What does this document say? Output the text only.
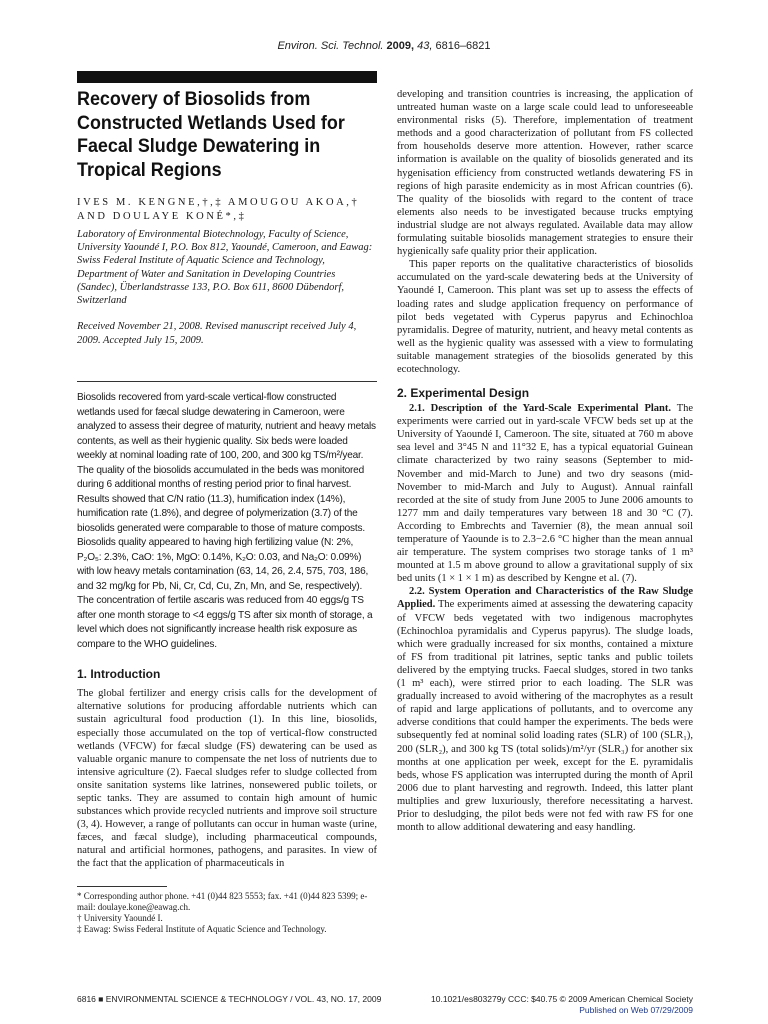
Environ. Sci. Technol. 2009, 43, 6816–6821
Recovery of Biosolids from Constructed Wetlands Used for Faecal Sludge Dewatering in Tropical Regions

IVES M. KENGNE,†,‡ AMOUGOU AKOA,† AND DOULAYE KONÉ*,‡

Laboratory of Environmental Biotechnology, Faculty of Science, University Yaoundé I, P.O. Box 812, Yaoundé, Cameroon, and Eawag: Swiss Federal Institute of Aquatic Science and Technology, Department of Water and Sanitation in Developing Countries (Sandec), Überlandstrasse 133, P.O. Box 611, 8600 Dübendorf, Switzerland

Received November 21, 2008. Revised manuscript received July 4, 2009. Accepted July 15, 2009.

Biosolids recovered from yard-scale vertical-flow constructed wetlands used for fæcal sludge dewatering in Cameroon, were analyzed to assess their degree of maturity, nutrient and heavy metals contents, as well as their hygienic quality. Six beds were loaded weekly at nominal loading rate of 100, 200, and 300 kg TS/m²/year. The quality of the biosolids accumulated in the beds was monitored during 6 additional months of resting period prior to final harvest. Results showed that C/N ratio (11.3), humification index (14%), humification rate (1.8%), and degree of polymerization (3.7) of the biosolids generated were comparable to those of mature composts. Biosolids quality appeared to having high fertilizing value (N: 2%, P₂O₅: 2.3%, CaO: 1%, MgO: 0.14%, K₂O: 0.03, and Na₂O: 0.09%) with low heavy metals contamination (63, 14, 26, 2.4, 575, 703, 186, and 32 mg/kg for Pb, Ni, Cr, Cd, Cu, Zn, Mn, and Se, respectively). The concentration of fertile ascaris was reduced from 40 eggs/g TS after one month storage to <4 eggs/g TS after six month of storage, a level which does not significantly increase health risk exposure as compare to the WHO guidelines.

1. Introduction

The global fertilizer and energy crisis calls for the development of alternative solutions for producing affordable nutrients which can sustain agricultural food production (1). In this line, biosolids, especially those accumulated on the top of vertical-flow constructed wetlands (VFCW) for fæcal sludge (FS) dewatering can be used as valuable organic manure to compensate the net loss of nutrients due to intensive agriculture (2). Faecal sludges refer to sludge collected from onsite sanitation systems like latrines, nonsewered public toilets, or septic tanks. They are assumed to contain high amount of humic substances which provide recycled nutrients and improve soil structure (3, 4). However, a range of pollutants can occur in human waste (urine, fæces, and fæcal sludge), including pharmaceutical compounds, natural and artificial hormones, pathogens, and parasites. In view of the fact that the application of pharmaceuticals in

* Corresponding author phone. +41 (0)44 823 5553; fax. +41 (0)44 823 5399; e-mail: doulaye.kone@eawag.ch.

† University Yaoundé I.

‡ Eawag: Swiss Federal Institute of Aquatic Science and Technology.

developing and transition countries is increasing, the application of untreated human waste on a large scale could lead to unforeseeable environmental risks (5). Therefore, implementation of treatment methods and a good characterization of pollutant from FS collected from households deserve more attention. However, rather scarce information is available on the quality of biosolids generated and its hygenisation efficiency from constructed wetlands dewatering FS in regions of high parasite endemicity as in most African countries (6). The quality of the biosolids with regard to the content of trace elements also needs to be investigated because trucks emptying industrial sludge are not always regulated. Available data may allow formulating suitable biosolids management strategies to ensure their hygienically safe quality prior their application.

This paper reports on the qualitative characteristics of biosolids accumulated on the yard-scale dewatering beds at the University of Yaoundé I, Cameroon. This plant was set up to assess the effects of loading rates and sludge application frequency on performance of pilot beds vegetated with Cyperus papyrus and Echinochloa pyramidalis. Degree of maturity, nutrient, and heavy metal contents as well as the hygienic quality was assessed with a view to formulating suitable management strategies of the biosolids generated by this ecotechnology.

2. Experimental Design

2.1. Description of the Yard-Scale Experimental Plant. The experiments were carried out in yard-scale VFCW beds set up at the University of Yaoundé I, Cameroon. The site, situated at 760 m above sea level and 3°45 N and 11°32 E, has a typical equatorial Guinean climate characterized by two rainy seasons (September to mid-November and mid-March to June) and two dry seasons (mid-November to mid-March and July to August). Annual rainfall recorded at the site of study from June 2005 to June 2006 amounts to 1277 mm and daily temperatures vary between 18 and 30 °C (7). According to Embrechts and Tavernier (8), the mean annual soil temperature of Yaounde is to 2.3−2.6 °C higher than the mean annual air temperature. The system comprises two storage tanks of 1 m³ mounted at 1.5 m above ground to allow a gravitational supply of six bed units (1 × 1 × 1 m) as described by Kengne et al. (7).

2.2. System Operation and Characteristics of the Raw Sludge Applied. The experiments aimed at assessing the dewatering capacity of VFCW beds vegetated with two indigenous macrophytes (Echinochloa pyramidalis and Cyperus papyrus). The sludge loads, which were gradually increased for six months, contained a mixture of FS from traditional pit latrines, septic tanks and public toilets delivered by the emptying trucks. Faecal sludges, stored in two tanks (1 m³ each), were stirred prior to each loading. The SLR was gradually increased to avoid withering of the macrophytes as a result of rapid and large applications of pollutants, and to overcome any adverse conditions that could hamper the experiments. The beds were subsequently fed at nominal solid loading rates (SLR) of 100 (SLR₁), 200 (SLR₂), and 300 kg TS (total solids)/m²/yr (SLR₃) for another six months at one application per week, except for the E. pyramidalis beds, whose FS application was interrupted during the month of April 2006 due to plant harvesting and regrowth. Indeed, this latter plant multiplies and grew luxuriously, therefore necessitating a harvest. Prior to desludging, the pilot beds were not fed with raw FS for one month to allow additional dewatering and easy handling.

6816 ■ ENVIRONMENTAL SCIENCE & TECHNOLOGY / VOL. 43, NO. 17, 2009	10.1021/es803279y CCC: $40.75 © 2009 American Chemical Society
Published on Web 07/29/2009
